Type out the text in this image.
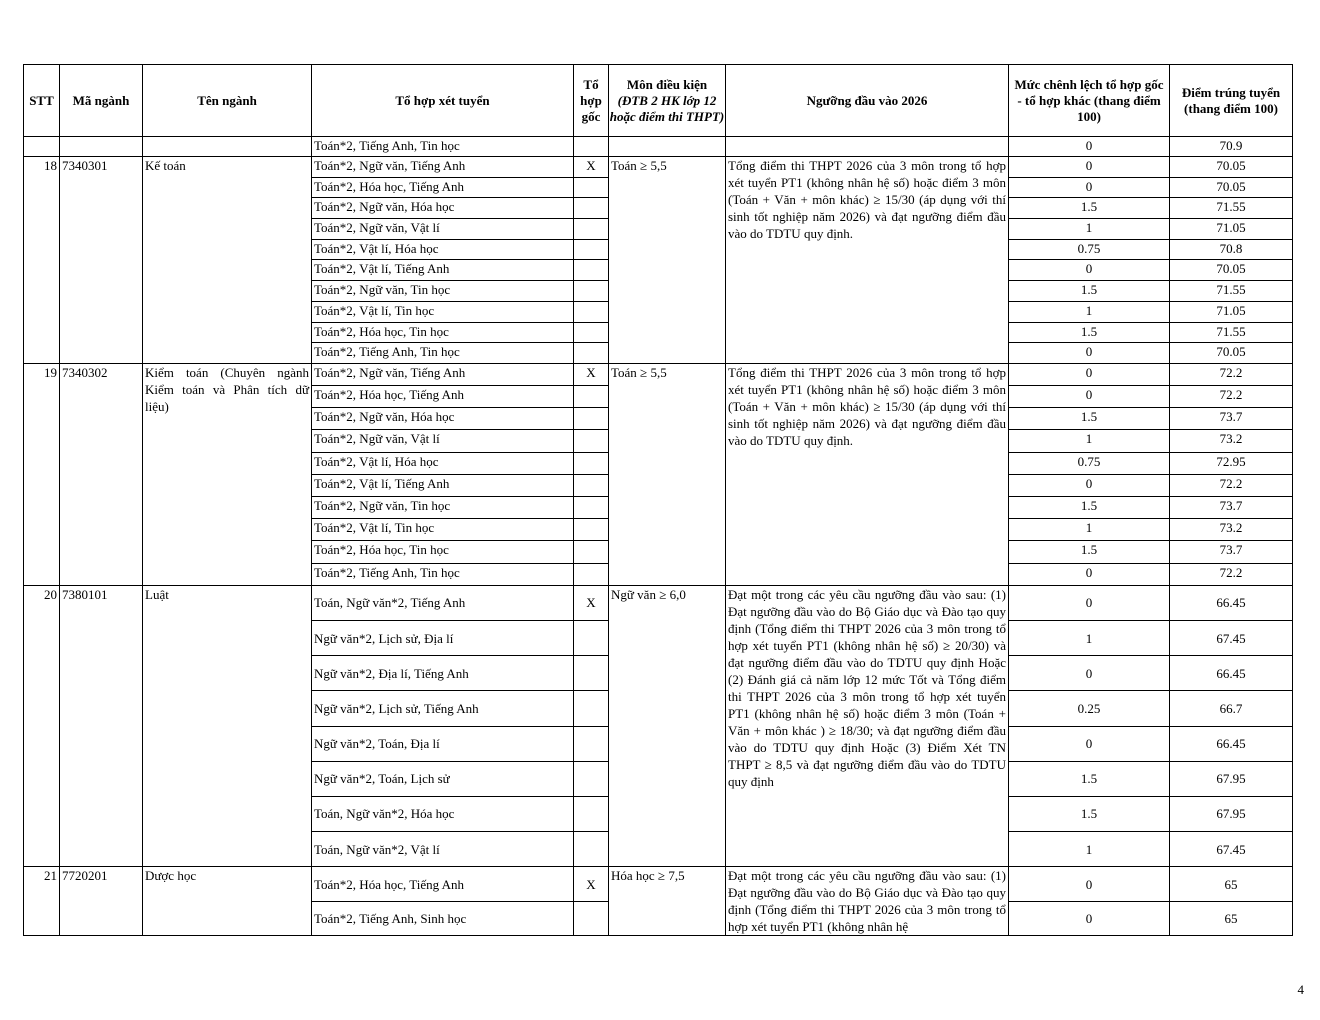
STT	Mã ngành	Tên ngành	Tổ hợp xét tuyển	Tổ hợp gốc	Môn điều kiện
(ĐTB 2 HK lớp 12 hoặc điểm thi THPT)	Ngưỡng đầu vào 2026	Mức chênh lệch tổ hợp gốc - tổ hợp khác (thang điểm 100)	Điểm trúng tuyển (thang điểm 100)
			Toán*2, Tiếng Anh, Tin học				0	70.9
18	7340301	Kế toán	Toán*2, Ngữ văn, Tiếng Anh	X	Toán ≥ 5,5	Tổng điểm thi THPT 2026 của 3 môn trong tổ hợp xét tuyển PT1 (không nhân hệ số) hoặc điểm 3 môn (Toán + Văn + môn khác) ≥ 15/30 (áp dụng với thí sinh tốt nghiệp năm 2026) và đạt ngưỡng điểm đầu vào do TDTU quy định.	0	70.05
			Toán*2, Hóa học, Tiếng Anh				0	70.05
			Toán*2, Ngữ văn, Hóa học				1.5	71.55
			Toán*2, Ngữ văn, Vật lí				1	71.05
			Toán*2, Vật lí, Hóa học				0.75	70.8
			Toán*2, Vật lí, Tiếng Anh				0	70.05
			Toán*2, Ngữ văn, Tin học				1.5	71.55
			Toán*2, Vật lí, Tin học				1	71.05
			Toán*2, Hóa học, Tin học				1.5	71.55
			Toán*2, Tiếng Anh, Tin học				0	70.05
19	7340302	Kiểm toán (Chuyên ngành Kiểm toán và Phân tích dữ liệu)	Toán*2, Ngữ văn, Tiếng Anh	X	Toán ≥ 5,5	Tổng điểm thi THPT 2026 của 3 môn trong tổ hợp xét tuyển PT1 (không nhân hệ số) hoặc điểm 3 môn (Toán + Văn + môn khác) ≥ 15/30 (áp dụng với thí sinh tốt nghiệp năm 2026) và đạt ngưỡng điểm đầu vào do TDTU quy định.	0	72.2
			Toán*2, Hóa học, Tiếng Anh				0	72.2
			Toán*2, Ngữ văn, Hóa học				1.5	73.7
			Toán*2, Ngữ văn, Vật lí				1	73.2
			Toán*2, Vật lí, Hóa học				0.75	72.95
			Toán*2, Vật lí, Tiếng Anh				0	72.2
			Toán*2, Ngữ văn, Tin học				1.5	73.7
			Toán*2, Vật lí, Tin học				1	73.2
			Toán*2, Hóa học, Tin học				1.5	73.7
			Toán*2, Tiếng Anh, Tin học				0	72.2
20	7380101	Luật	Toán, Ngữ văn*2, Tiếng Anh	X	Ngữ văn ≥ 6,0	Đạt một trong các yêu cầu ngưỡng đầu vào sau: (1) Đạt ngưỡng đầu vào do Bộ Giáo dục và Đào tạo quy định (Tổng điểm thi THPT 2026 của 3 môn trong tổ hợp xét tuyển PT1 (không nhân hệ số) ≥ 20/30) và đạt ngưỡng điểm đầu vào do TDTU quy định Hoặc (2) Đánh giá cả năm lớp 12 mức Tốt và Tổng điểm thi THPT 2026 của 3 môn trong tổ hợp xét tuyển PT1 (không nhân hệ số) hoặc điểm 3 môn (Toán + Văn + môn khác ) ≥ 18/30; và đạt ngưỡng điểm đầu vào do TDTU quy định Hoặc (3) Điểm Xét TN THPT ≥ 8,5 và đạt ngưỡng điểm đầu vào do TDTU quy định	0	66.45
			Ngữ văn*2, Lịch sử, Địa lí				1	67.45
			Ngữ văn*2, Địa lí, Tiếng Anh				0	66.45
			Ngữ văn*2, Lịch sử, Tiếng Anh				0.25	66.7
			Ngữ văn*2, Toán, Địa lí				0	66.45
			Ngữ văn*2, Toán, Lịch sử				1.5	67.95
			Toán, Ngữ văn*2, Hóa học				1.5	67.95
			Toán, Ngữ văn*2, Vật lí				1	67.45
21	7720201	Dược học	Toán*2, Hóa học, Tiếng Anh	X	Hóa học ≥ 7,5	Đạt một trong các yêu cầu ngưỡng đầu vào sau: (1) Đạt ngưỡng đầu vào do Bộ Giáo dục và Đào tạo quy định (Tổng điểm thi THPT 2026 của 3 môn trong tổ hợp xét tuyển PT1 (không nhân hệ	0	65
			Toán*2, Tiếng Anh, Sinh học				0	65
4
